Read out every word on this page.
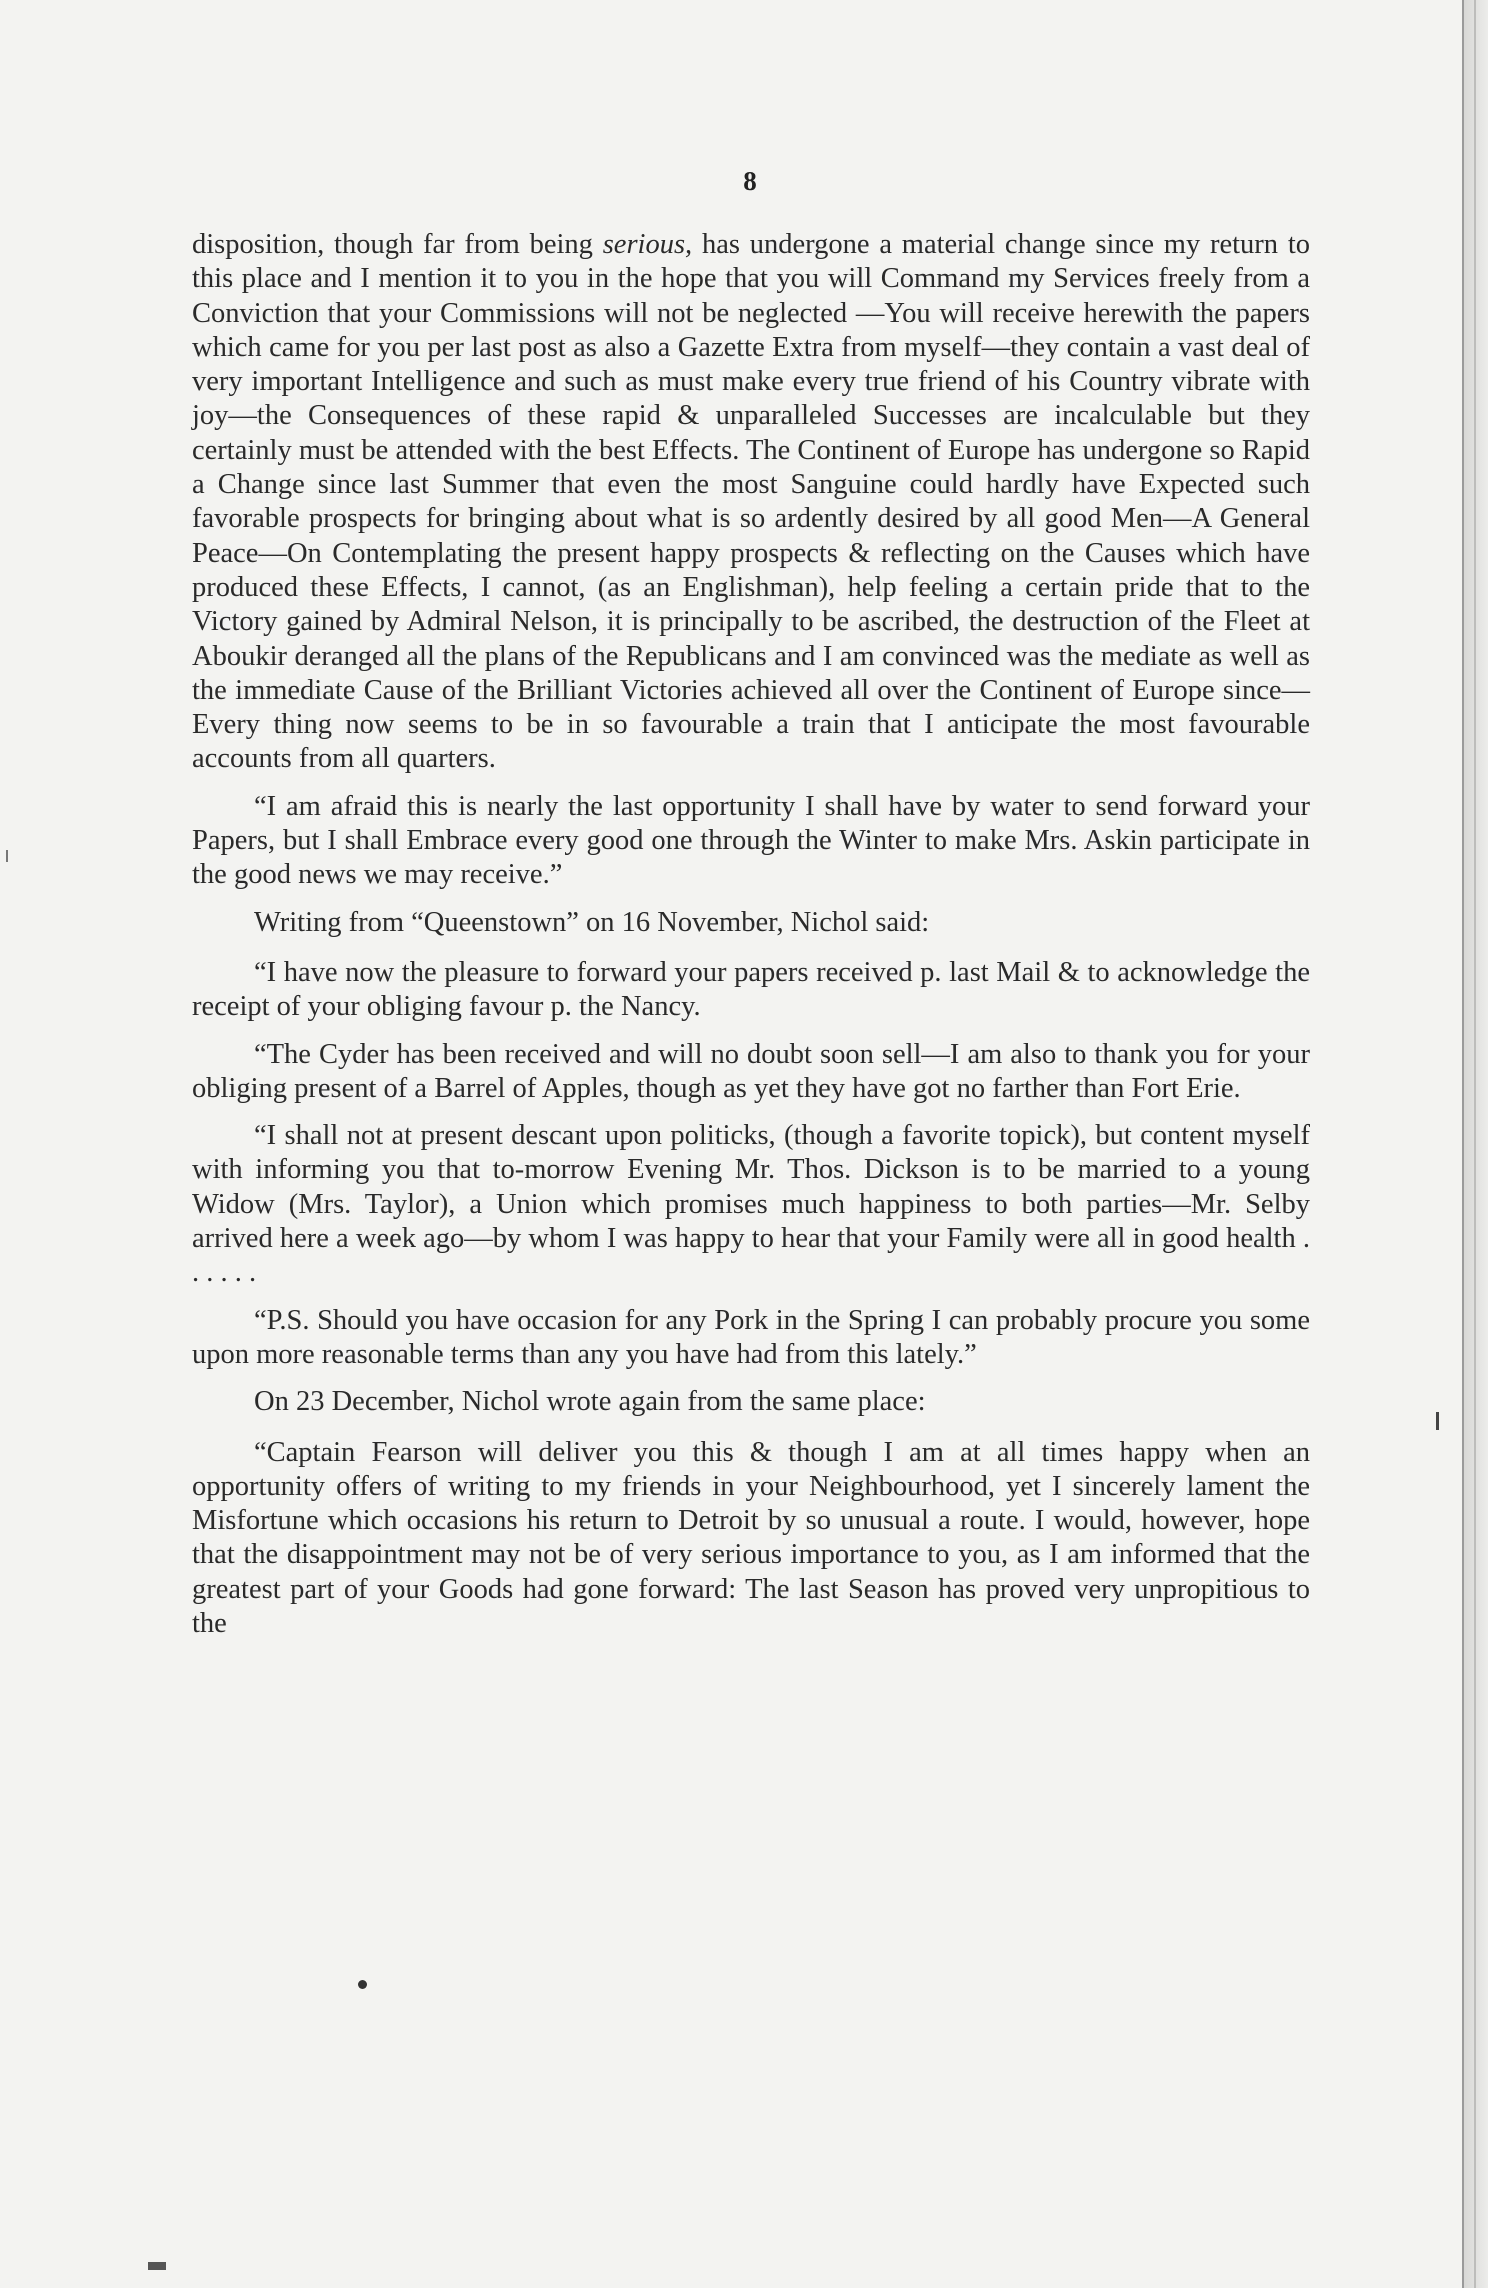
8

disposition, though far from being serious, has undergone a material change since my return to this place and I mention it to you in the hope that you will Command my Services freely from a Conviction that your Commissions will not be neglected —You will receive herewith the papers which came for you per last post as also a Gazette Extra from myself—they contain a vast deal of very important Intelligence and such as must make every true friend of his Country vibrate with joy—the Consequences of these rapid & unparalleled Successes are incalculable but they certainly must be attended with the best Effects. The Continent of Europe has undergone so Rapid a Change since last Summer that even the most Sanguine could hardly have Expected such favorable prospects for bringing about what is so ardently desired by all good Men—A General Peace—On Contemplating the present happy prospects & reflecting on the Causes which have produced these Effects, I cannot, (as an Englishman), help feeling a certain pride that to the Victory gained by Admiral Nelson, it is principally to be ascribed, the destruction of the Fleet at Aboukir deranged all the plans of the Republicans and I am convinced was the mediate as well as the immediate Cause of the Brilliant Victories achieved all over the Continent of Europe since—Every thing now seems to be in so favourable a train that I anticipate the most favourable accounts from all quarters.

“I am afraid this is nearly the last opportunity I shall have by water to send forward your Papers, but I shall Embrace every good one through the Winter to make Mrs. Askin participate in the good news we may receive.”

Writing from “Queenstown” on 16 November, Nichol said:

“I have now the pleasure to forward your papers received p. last Mail & to acknowledge the receipt of your obliging favour p. the Nancy.

“The Cyder has been received and will no doubt soon sell—I am also to thank you for your obliging present of a Barrel of Apples, though as yet they have got no farther than Fort Erie.

“I shall not at present descant upon politicks, (though a favorite topick), but content myself with informing you that to-morrow Evening Mr. Thos. Dickson is to be married to a young Widow (Mrs. Taylor), a Union which promises much happiness to both parties—Mr. Selby arrived here a week ago—by whom I was happy to hear that your Family were all in good health . . . . . .

“P.S. Should you have occasion for any Pork in the Spring I can probably procure you some upon more reasonable terms than any you have had from this lately.”

On 23 December, Nichol wrote again from the same place:

“Captain Fearson will deliver you this & though I am at all times happy when an opportunity offers of writing to my friends in your Neighbourhood, yet I sincerely lament the Misfortune which occasions his return to Detroit by so unusual a route. I would, however, hope that the disappointment may not be of very serious importance to you, as I am informed that the greatest part of your Goods had gone forward: The last Season has proved very unpropitious to the
